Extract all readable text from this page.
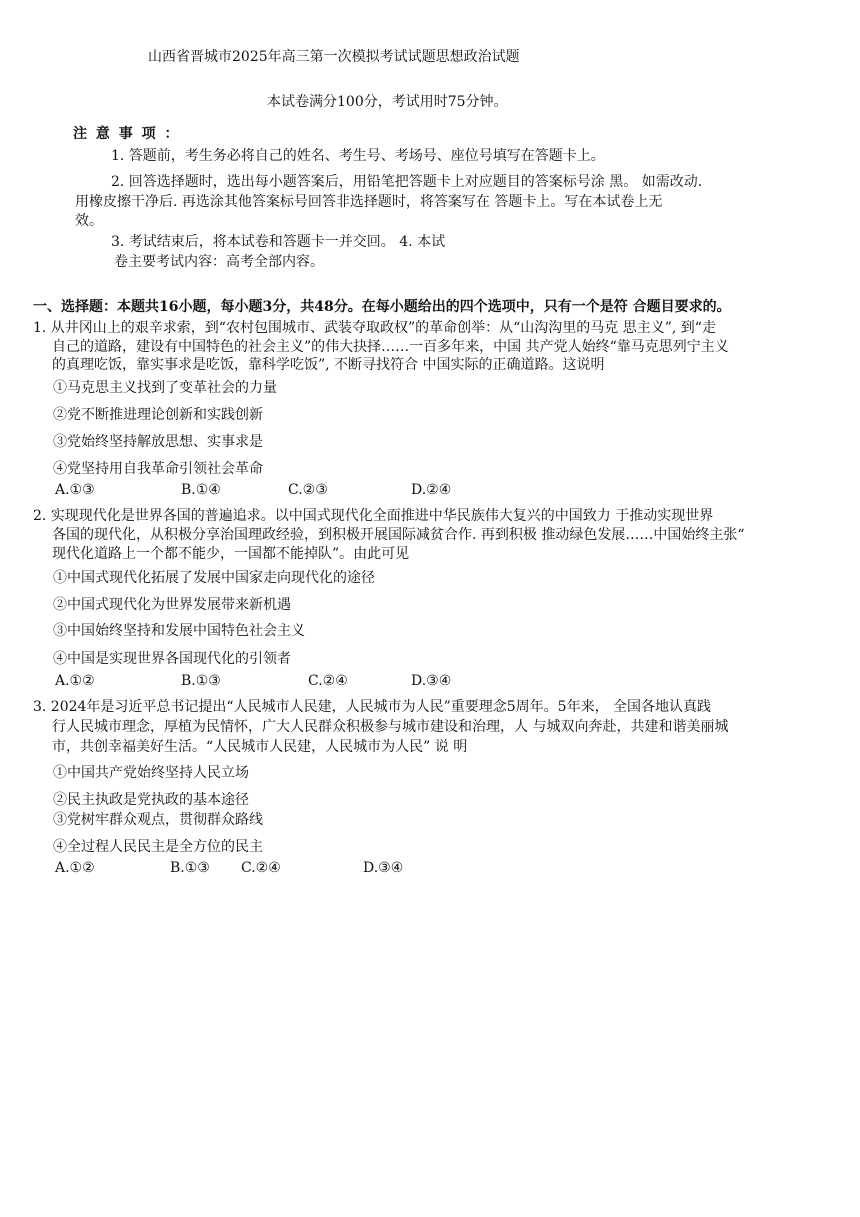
山西省晋城市2025年高三第一次模拟考试试题思想政治试题
本试卷满分100分，考试用时75分钟。
注 意 事 项 ：
1. 答题前，考生务必将自己的姓名、考生号、考场号、座位号填写在答题卡上。
2. 回答选择题时，选出每小题答案后，用铅笔把答题卡上对应题目的答案标号涂 黑。 如需改动.
用橡皮擦干净后. 再选涂其他答案标号回答非选择题时，将答案写在 答题卡上。写在本试卷上无
效。
3. 考试结束后，将本试卷和答题卡一并交回。 4. 本试
卷主要考试内容：高考全部内容。
一、选择题：本题共16小题，每小题3分，共48分。在每小题给出的四个选项中，只有一个是符 合题目要求的。
1. 从井冈山上的艰辛求索，到“农村包围城市、武装夺取政权”的革命创举：从“山沟沟里的马克 思主义”, 到“走
自己的道路，建设有中国特色的社会主义”的伟大抉择……一百多年来，中国 共产党人始终“靠马克思列宁主义
的真理吃饭，靠实事求是吃饭，靠科学吃饭”, 不断寻找符合 中国实际的正确道路。这说明
①马克思主义找到了变革社会的力量
②党不断推进理论创新和实践创新
③党始终坚持解放思想、实事求是
④党坚持用自我革命引领社会革命
A.①③	B.①④	C.②③	D.②④
2. 实现现代化是世界各国的普遍追求。以中国式现代化全面推进中华民族伟大复兴的中国致力 于推动实现世界
各国的现代化，从积极分享治国理政经验，到积极开展国际减贫合作. 再到积极 推动绿色发展……中国始终主张“
现代化道路上一个都不能少，一国都不能掉队”。由此可见
①中国式现代化拓展了发展中国家走向现代化的途径
②中国式现代化为世界发展带来新机遇
③中国始终坚持和发展中国特色社会主义
④中国是实现世界各国现代化的引领者
A.①②	B.①③	C.②④	D.③④
3. 2024年是习近平总书记提出“人民城市人民建，人民城市为人民”重要理念5周年。5年来， 全国各地认真践
行人民城市理念，厚植为民情怀，广大人民群众积极参与城市建设和治理，人 与城双向奔赴，共建和谐美丽城
市，共创幸福美好生活。“人民城市人民建，人民城市为人民” 说 明
①中国共产党始终坚持人民立场
②民主执政是党执政的基本途径
③党树牢群众观点，贯彻群众路线
④全过程人民民主是全方位的民主
A.①②	B.①③ C.②④	D.③④
